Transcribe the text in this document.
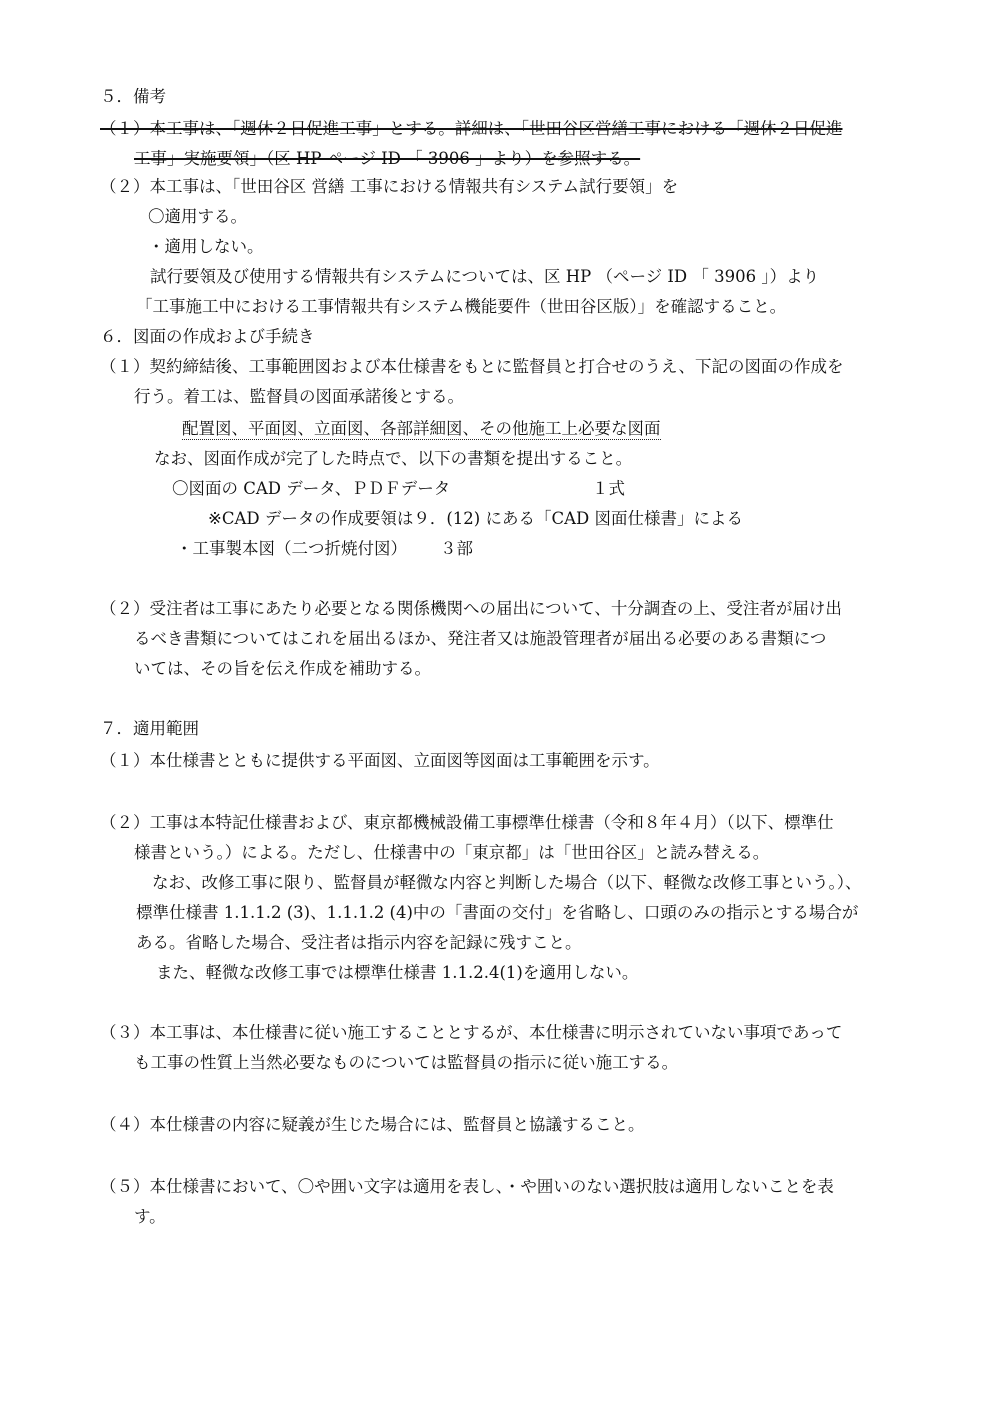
５．備考
（１）本工事は、「週休２日促進工事」とする。詳細は、「世田谷区営繕工事における「週休２日促進
工事」実施要領」（区 HP ページ ID 「 3906 」より）を参照する。
（２）本工事は、「世田谷区 営繕 工事における情報共有システム試行要領」を
〇適用する。
・適用しない。
試行要領及び使用する情報共有システムについては、区 HP （ページ ID 「 3906 」）より
「工事施工中における工事情報共有システム機能要件（世田谷区版）」を確認すること。
６．図面の作成および手続き
（１）契約締結後、工事範囲図および本仕様書をもとに監督員と打合せのうえ、下記の図面の作成を
行う。着工は、監督員の図面承諾後とする。
配置図、平面図、立面図、各部詳細図、その他施工上必要な図面
なお、図面作成が完了した時点で、以下の書類を提出すること。
〇図面の CAD データ、ＰＤＦデータ	１式
※CAD データの作成要領は９．(12) にある「CAD 図面仕様書」による
・工事製本図（二つ折焼付図） ３部
（２）受注者は工事にあたり必要となる関係機関への届出について、十分調査の上、受注者が届け出
るべき書類についてはこれを届出るほか、発注者又は施設管理者が届出る必要のある書類につ
いては、その旨を伝え作成を補助する。
７．適用範囲
（１）本仕様書とともに提供する平面図、立面図等図面は工事範囲を示す。
（２）工事は本特記仕様書および、東京都機械設備工事標準仕様書（令和８年４月）（以下、標準仕
様書という。）による。ただし、仕様書中の「東京都」は「世田谷区」と読み替える。
なお、改修工事に限り、監督員が軽微な内容と判断した場合（以下、軽微な改修工事という。）、
標準仕様書 1.1.1.2 (3)、1.1.1.2 (4)中の「書面の交付」を省略し、口頭のみの指示とする場合が
ある。省略した場合、受注者は指示内容を記録に残すこと。
また、軽微な改修工事では標準仕様書 1.1.2.4(1)を適用しない。
（３）本工事は、本仕様書に従い施工することとするが、本仕様書に明示されていない事項であって
も工事の性質上当然必要なものについては監督員の指示に従い施工する。
（４）本仕様書の内容に疑義が生じた場合には、監督員と協議すること。
（５）本仕様書において、〇や囲い文字は適用を表し、・や囲いのない選択肢は適用しないことを表
す。
